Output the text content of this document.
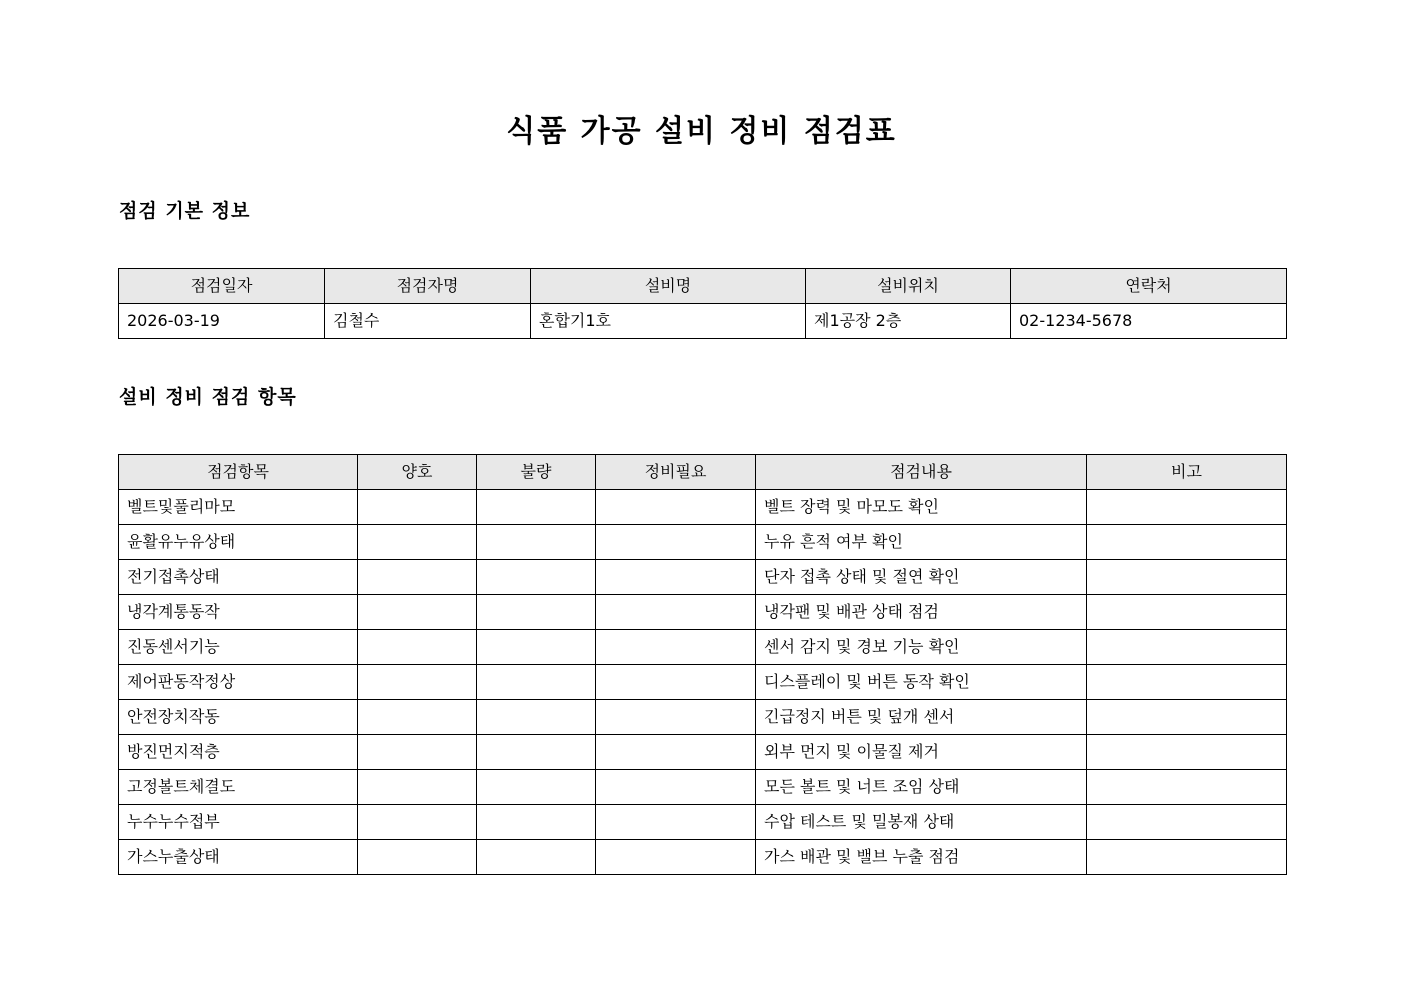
식품 가공 설비 정비 점검표
점검 기본 정보
점검일자	점검자명	설비명	설비위치	연락처
2026-03-19	김철수	혼합기1호	제1공장 2층	02-1234-5678
설비 정비 점검 항목
점검항목	양호	불량	정비필요	점검내용	비고
벨트및풀리마모				벨트 장력 및 마모도 확인	
윤활유누유상태				누유 흔적 여부 확인	
전기접촉상태				단자 접촉 상태 및 절연 확인	
냉각계통동작				냉각팬 및 배관 상태 점검	
진동센서기능				센서 감지 및 경보 기능 확인	
제어판동작정상				디스플레이 및 버튼 동작 확인	
안전장치작동				긴급정지 버튼 및 덮개 센서	
방진먼지적층				외부 먼지 및 이물질 제거	
고정볼트체결도				모든 볼트 및 너트 조임 상태	
누수누수접부				수압 테스트 및 밀봉재 상태	
가스누출상태				가스 배관 및 밸브 누출 점검	
